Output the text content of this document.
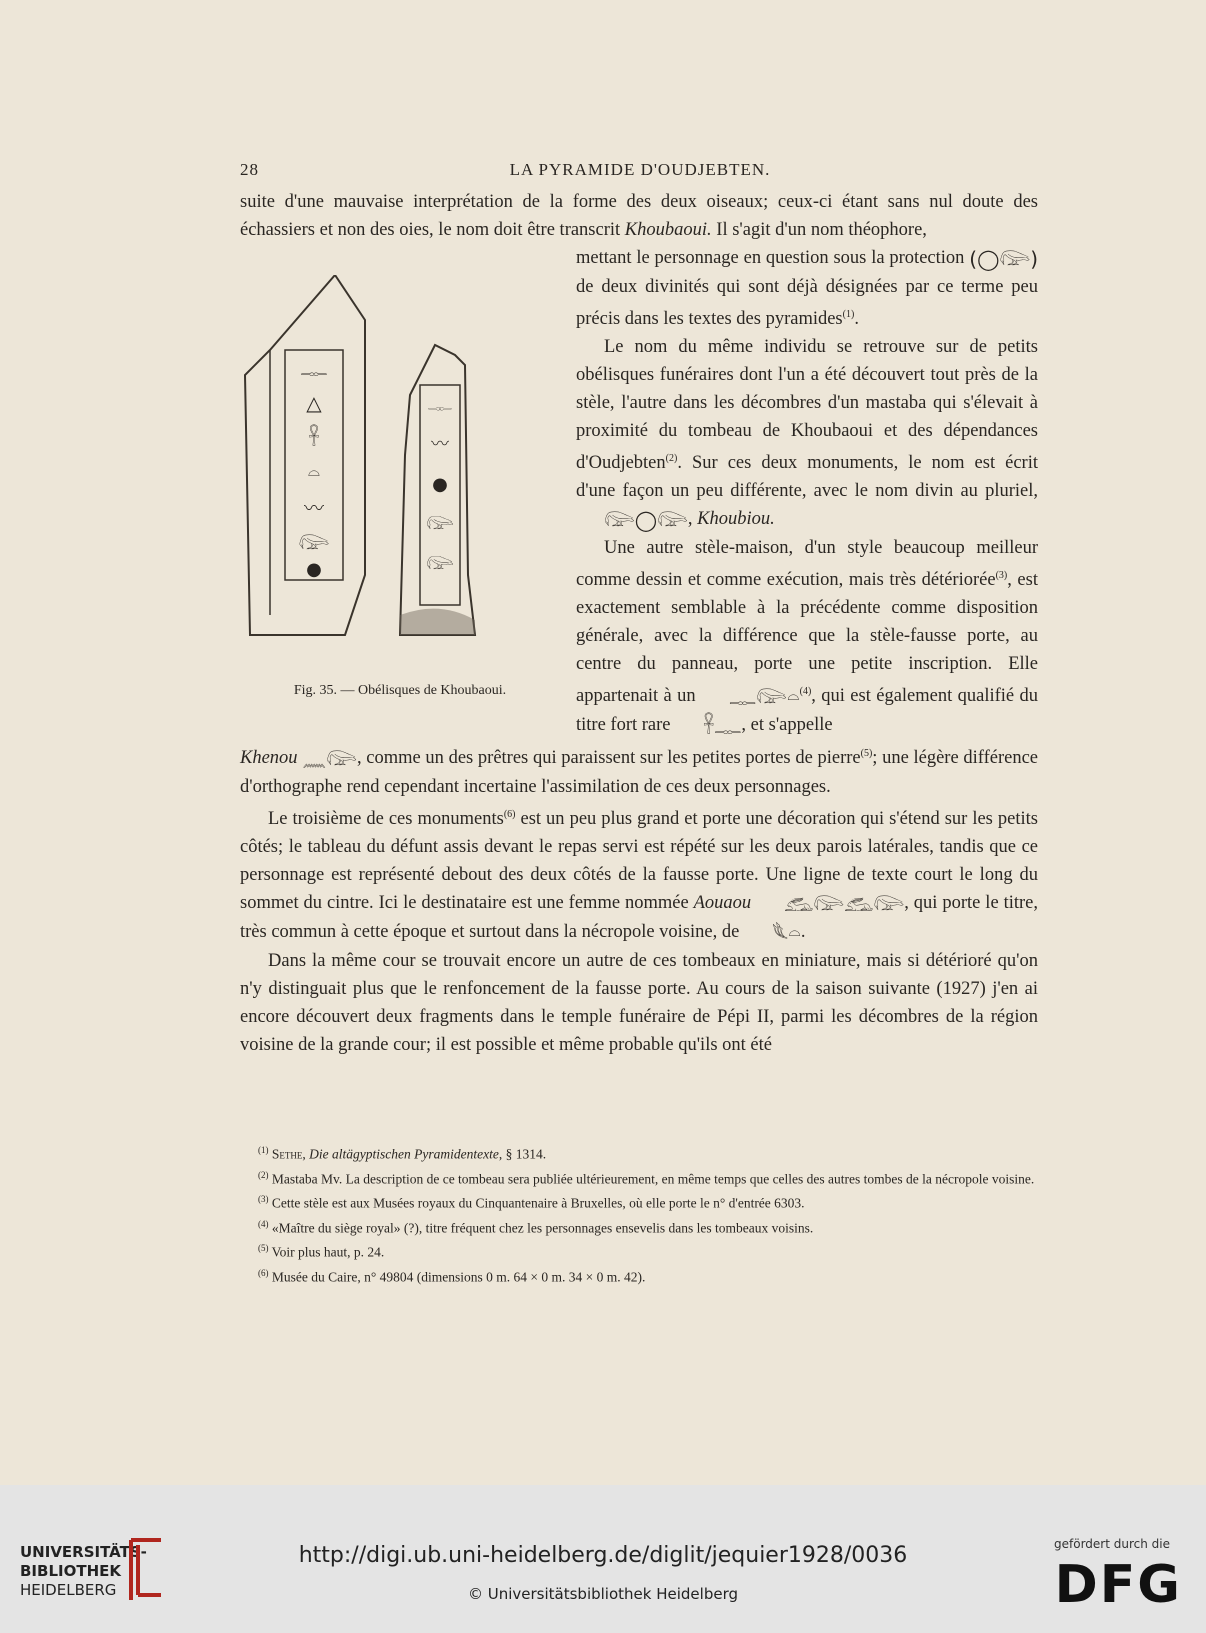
28	LA PYRAMIDE D'OUDJEBTEN.
suite d'une mauvaise interprétation de la forme des deux oiseaux; ceux-ci étant sans nul doute des échassiers et non des oies, le nom doit être transcrit Khoubaoui. Il s'agit d'un nom théophore,
𓊃
△
𓋹
𓏏
〰
𓅼
●
𓊃
〰
●
𓅼
𓅼
Fig. 35. — Obélisques de Khoubaoui.

mettant le personnage en question sous la protection (◯𓅼) de deux divinités qui sont déjà désignées par ce terme peu précis dans les textes des pyramides$^{(1)}$.

Le nom du même individu se retrouve sur de petits obélisques funéraires dont l'un a été découvert tout près de la stèle, l'autre dans les décombres d'un mastaba qui s'élevait à proximité du tombeau de Khoubaoui et des dépendances d'Oudjebten$^{(2)}$. Sur ces deux monuments, le nom est écrit d'une façon un peu différente, avec le nom divin au pluriel, 𓅼◯𓅼, Khoubiou.

Une autre stèle-maison, d'un style beaucoup meilleur comme dessin et comme exécution, mais très détériorée$^{(3)}$, est exactement semblable à la précédente comme disposition générale, avec la différence que la stèle-fausse porte, au centre du panneau, porte une petite inscription. Elle appartenait à un 𓊃𓅼𓏏$^{(4)}$, qui est également qualifié du titre fort rare 𓋹𓊃, et s'appelle

Khenou 𓈖𓅼, comme un des prêtres qui paraissent sur les petites portes de pierre$^{(5)}$; une légère différence d'orthographe rend cependant incertaine l'assimilation de ces deux personnages.

Le troisième de ces monuments$^{(6)}$ est un peu plus grand et porte une décoration qui s'étend sur les petits côtés; le tableau du défunt assis devant le repas servi est répété sur les deux parois latérales, tandis que ce personnage est représenté debout des deux côtés de la fausse porte. Une ligne de texte court le long du sommet du cintre. Ici le destinataire est une femme nommée Aouaou 𓃹𓅼𓃹𓅼, qui porte le titre, très commun à cette époque et surtout dans la nécropole voisine, de 𓆰𓏏.

Dans la même cour se trouvait encore un autre de ces tombeaux en miniature, mais si détérioré qu'on n'y distinguait plus que le renfoncement de la fausse porte. Au cours de la saison suivante (1927) j'en ai encore découvert deux fragments dans le temple funéraire de Pépi II, parmi les décombres de la région voisine de la grande cour; il est possible et même probable qu'ils ont été

$^{(1)}$ Sethe, Die altägyptischen Pyramidentexte, § 1314.

$^{(2)}$ Mastaba Mv. La description de ce tombeau sera publiée ultérieurement, en même temps que celles des autres tombes de la nécropole voisine.

$^{(3)}$ Cette stèle est aux Musées royaux du Cinquantenaire à Bruxelles, où elle porte le n° d'entrée 6303.

$^{(4)}$ «Maître du siège royal» (?), titre fréquent chez les personnages ensevelis dans les tombeaux voisins.

$^{(5)}$ Voir plus haut, p. 24.

$^{(6)}$ Musée du Caire, n° 49804 (dimensions 0 m. 64 × 0 m. 34 × 0 m. 42).

UNIVERSITÄTS-
BIBLIOTHEK
HEIDELBERG
http://digi.ub.uni-heidelberg.de/diglit/jequier1928/0036
© Universitätsbibliothek Heidelberg
gefördert durch die
DFG
